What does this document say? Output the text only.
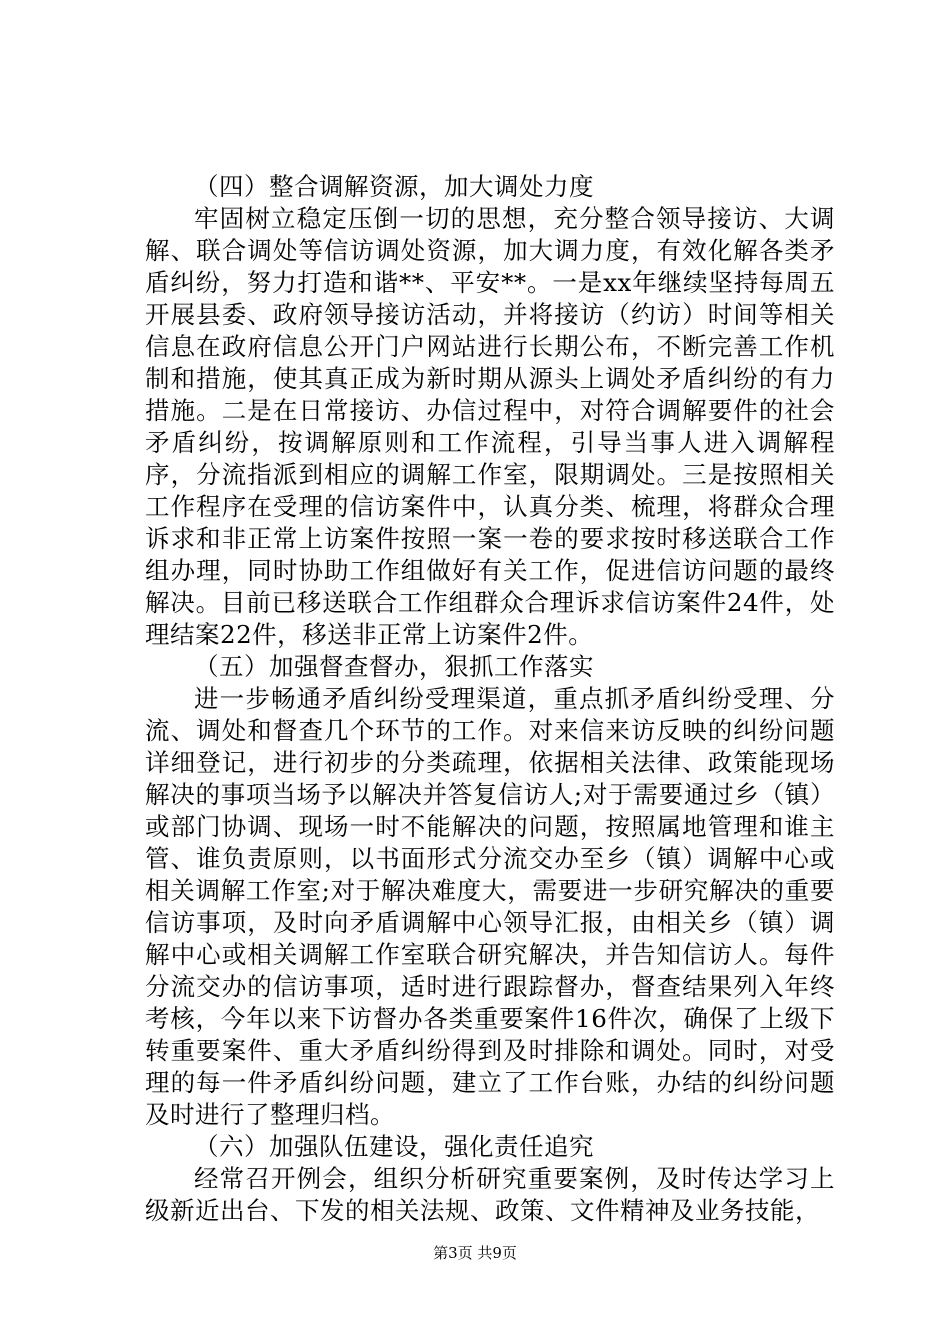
（四）整合调解资源，加大调处力度

牢固树立稳定压倒一切的思想，充分整合领导接访、大调解、联合调处等信访调处资源，加大调力度，有效化解各类矛盾纠纷，努力打造和谐**、平安**。一是xx年继续坚持每周五开展县委、政府领导接访活动，并将接访（约访）时间等相关信息在政府信息公开门户网站进行长期公布，不断完善工作机制和措施，使其真正成为新时期从源头上调处矛盾纠纷的有力措施。二是在日常接访、办信过程中，对符合调解要件的社会矛盾纠纷，按调解原则和工作流程，引导当事人进入调解程序，分流指派到相应的调解工作室，限期调处。三是按照相关工作程序在受理的信访案件中，认真分类、梳理，将群众合理诉求和非正常上访案件按照一案一卷的要求按时移送联合工作组办理，同时协助工作组做好有关工作，促进信访问题的最终解决。目前已移送联合工作组群众合理诉求信访案件24件，处理结案22件，移送非正常上访案件2件。

（五）加强督查督办，狠抓工作落实

进一步畅通矛盾纠纷受理渠道，重点抓矛盾纠纷受理、分流、调处和督查几个环节的工作。对来信来访反映的纠纷问题详细登记，进行初步的分类疏理，依据相关法律、政策能现场解决的事项当场予以解决并答复信访人;对于需要通过乡（镇）或部门协调、现场一时不能解决的问题，按照属地管理和谁主管、谁负责原则，以书面形式分流交办至乡（镇）调解中心或相关调解工作室;对于解决难度大，需要进一步研究解决的重要信访事项，及时向矛盾调解中心领导汇报，由相关乡（镇）调解中心或相关调解工作室联合研究解决，并告知信访人。每件分流交办的信访事项，适时进行跟踪督办，督查结果列入年终考核，今年以来下访督办各类重要案件16件次，确保了上级下转重要案件、重大矛盾纠纷得到及时排除和调处。同时，对受理的每一件矛盾纠纷问题，建立了工作台账，办结的纠纷问题及时进行了整理归档。

（六）加强队伍建设，强化责任追究

经常召开例会，组织分析研究重要案例，及时传达学习上级新近出台、下发的相关法规、政策、文件精神及业务技能，

第3页 共9页
